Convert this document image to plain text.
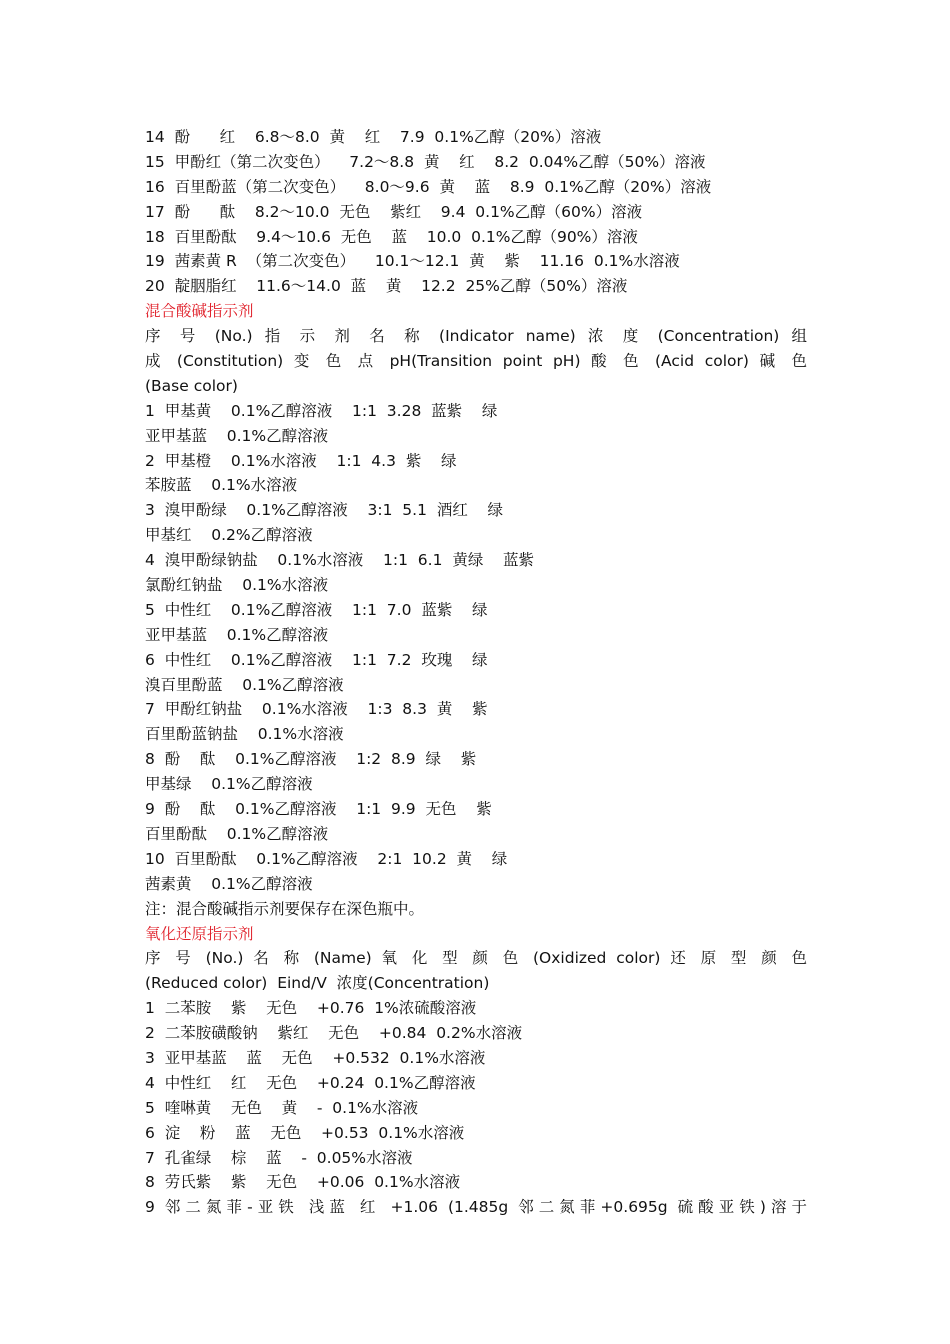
14  酚      红    6.8～8.0  黄    红    7.9  0.1%乙醇（20%）溶液
15  甲酚红（第二次变色）    7.2～8.8  黄    红    8.2  0.04%乙醇（50%）溶液
16  百里酚蓝（第二次变色）    8.0～9.6  黄    蓝    8.9  0.1%乙醇（20%）溶液
17  酚      酞    8.2～10.0  无色    紫红    9.4  0.1%乙醇（60%）溶液
18  百里酚酞    9.4～10.6  无色    蓝    10.0  0.1%乙醇（90%）溶液
19  茜素黄 R  （第二次变色）    10.1～12.1  黄    紫    11.16  0.1%水溶液
20  靛胭脂红    11.6～14.0  蓝    黄    12.2  25%乙醇（50%）溶液
混合酸碱指示剂
序 号 (No.) 指 示 剂 名 称 (Indicator name) 浓 度 (Concentration) 组
成 (Constitution) 变 色 点 pH(Transition point pH) 酸 色 (Acid color) 碱 色
(Base color)
1  甲基黄    0.1%乙醇溶液    1:1  3.28  蓝紫    绿
亚甲基蓝    0.1%乙醇溶液
2  甲基橙    0.1%水溶液    1:1  4.3  紫    绿
苯胺蓝    0.1%水溶液
3  溴甲酚绿    0.1%乙醇溶液    3:1  5.1  酒红    绿
甲基红    0.2%乙醇溶液
4  溴甲酚绿钠盐    0.1%水溶液    1:1  6.1  黄绿    蓝紫
氯酚红钠盐    0.1%水溶液
5  中性红    0.1%乙醇溶液    1:1  7.0  蓝紫    绿
亚甲基蓝    0.1%乙醇溶液
6  中性红    0.1%乙醇溶液    1:1  7.2  玫瑰    绿
溴百里酚蓝    0.1%乙醇溶液
7  甲酚红钠盐    0.1%水溶液    1:3  8.3  黄    紫
百里酚蓝钠盐    0.1%水溶液
8  酚    酞    0.1%乙醇溶液    1:2  8.9  绿    紫
甲基绿    0.1%乙醇溶液
9  酚    酞    0.1%乙醇溶液    1:1  9.9  无色    紫
百里酚酞    0.1%乙醇溶液
10  百里酚酞    0.1%乙醇溶液    2:1  10.2  黄    绿
茜素黄    0.1%乙醇溶液
注：混合酸碱指示剂要保存在深色瓶中。
氧化还原指示剂
序 号 (No.) 名 称 (Name) 氧 化 型 颜 色 (Oxidized color) 还 原 型 颜 色
(Reduced color)  Eind/V  浓度(Concentration)
1  二苯胺    紫    无色    +0.76  1%浓硫酸溶液
2  二苯胺磺酸钠    紫红    无色    +0.84  0.2%水溶液
3  亚甲基蓝    蓝    无色    +0.532  0.1%水溶液
4  中性红    红    无色    +0.24  0.1%乙醇溶液
5  喹啉黄    无色    黄    -  0.1%水溶液
6  淀    粉    蓝    无色    +0.53  0.1%水溶液
7  孔雀绿    棕    蓝    -  0.05%水溶液
8  劳氏紫    紫    无色    +0.06  0.1%水溶液
9 邻二氮菲-亚铁 浅蓝 红 +1.06 (1.485g 邻二氮菲+0.695g 硫酸亚铁)溶于
